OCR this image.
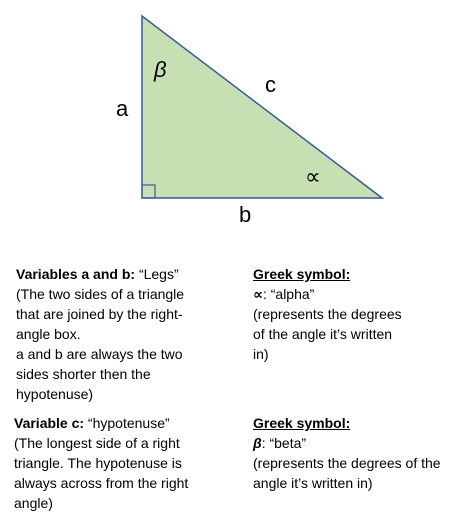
a
b
c
β
∝
Variables a and b: “Legs”
(The two sides of a triangle
that are joined by the right-
angle box.
a and b are always the two
sides shorter then the
hypotenuse)
Greek symbol:
∝: “alpha”
(represents the degrees
of the angle it’s written
in)
Variable c: “hypotenuse”
(The longest side of a right
triangle. The hypotenuse is
always across from the right
angle)
Greek symbol:
β: “beta”
(represents the degrees of the
angle it’s written in)
